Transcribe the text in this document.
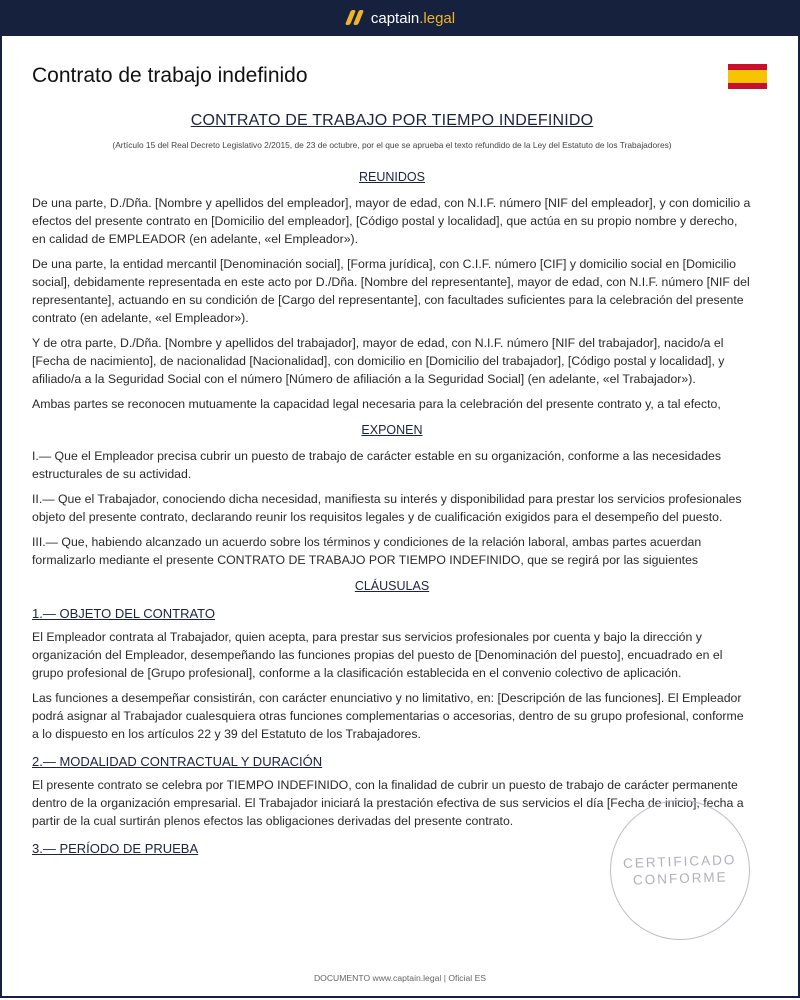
captain.legal
Contrato de trabajo indefinido
CONTRATO DE TRABAJO POR TIEMPO INDEFINIDO
(Artículo 15 del Real Decreto Legislativo 2/2015, de 23 de octubre, por el que se aprueba el texto refundido de la Ley del Estatuto de los Trabajadores)
REUNIDOS

De una parte, D./Dña. [Nombre y apellidos del empleador], mayor de edad, con N.I.F. número [NIF del empleador], y con domicilio a efectos del presente contrato en [Domicilio del empleador], [Código postal y localidad], que actúa en su propio nombre y derecho, en calidad de EMPLEADOR (en adelante, «el Empleador»).

De una parte, la entidad mercantil [Denominación social], [Forma jurídica], con C.I.F. número [CIF] y domicilio social en [Domicilio social], debidamente representada en este acto por D./Dña. [Nombre del representante], mayor de edad, con N.I.F. número [NIF del representante], actuando en su condición de [Cargo del representante], con facultades suficientes para la celebración del presente contrato (en adelante, «el Empleador»).

Y de otra parte, D./Dña. [Nombre y apellidos del trabajador], mayor de edad, con N.I.F. número [NIF del trabajador], nacido/a el [Fecha de nacimiento], de nacionalidad [Nacionalidad], con domicilio en [Domicilio del trabajador], [Código postal y localidad], y afiliado/a a la Seguridad Social con el número [Número de afiliación a la Seguridad Social] (en adelante, «el Trabajador»).

Ambas partes se reconocen mutuamente la capacidad legal necesaria para la celebración del presente contrato y, a tal efecto,

EXPONEN

I.— Que el Empleador precisa cubrir un puesto de trabajo de carácter estable en su organización, conforme a las necesidades estructurales de su actividad.

II.— Que el Trabajador, conociendo dicha necesidad, manifiesta su interés y disponibilidad para prestar los servicios profesionales objeto del presente contrato, declarando reunir los requisitos legales y de cualificación exigidos para el desempeño del puesto.

III.— Que, habiendo alcanzado un acuerdo sobre los términos y condiciones de la relación laboral, ambas partes acuerdan formalizarlo mediante el presente CONTRATO DE TRABAJO POR TIEMPO INDEFINIDO, que se regirá por las siguientes

CLÁUSULAS
1.— OBJETO DEL CONTRATO

El Empleador contrata al Trabajador, quien acepta, para prestar sus servicios profesionales por cuenta y bajo la dirección y organización del Empleador, desempeñando las funciones propias del puesto de [Denominación del puesto], encuadrado en el grupo profesional de [Grupo profesional], conforme a la clasificación establecida en el convenio colectivo de aplicación.

Las funciones a desempeñar consistirán, con carácter enunciativo y no limitativo, en: [Descripción de las funciones]. El Empleador podrá asignar al Trabajador cualesquiera otras funciones complementarias o accesorias, dentro de su grupo profesional, conforme a lo dispuesto en los artículos 22 y 39 del Estatuto de los Trabajadores.

2.— MODALIDAD CONTRACTUAL Y DURACIÓN

El presente contrato se celebra por TIEMPO INDEFINIDO, con la finalidad de cubrir un puesto de trabajo de carácter permanente dentro de la organización empresarial. El Trabajador iniciará la prestación efectiva de sus servicios el día [Fecha de inicio], fecha a partir de la cual surtirán plenos efectos las obligaciones derivadas del presente contrato.

3.— PERÍODO DE PRUEBA
CERTIFICADO CONFORME
DOCUMENTO www.captain.legal | Oficial ES
